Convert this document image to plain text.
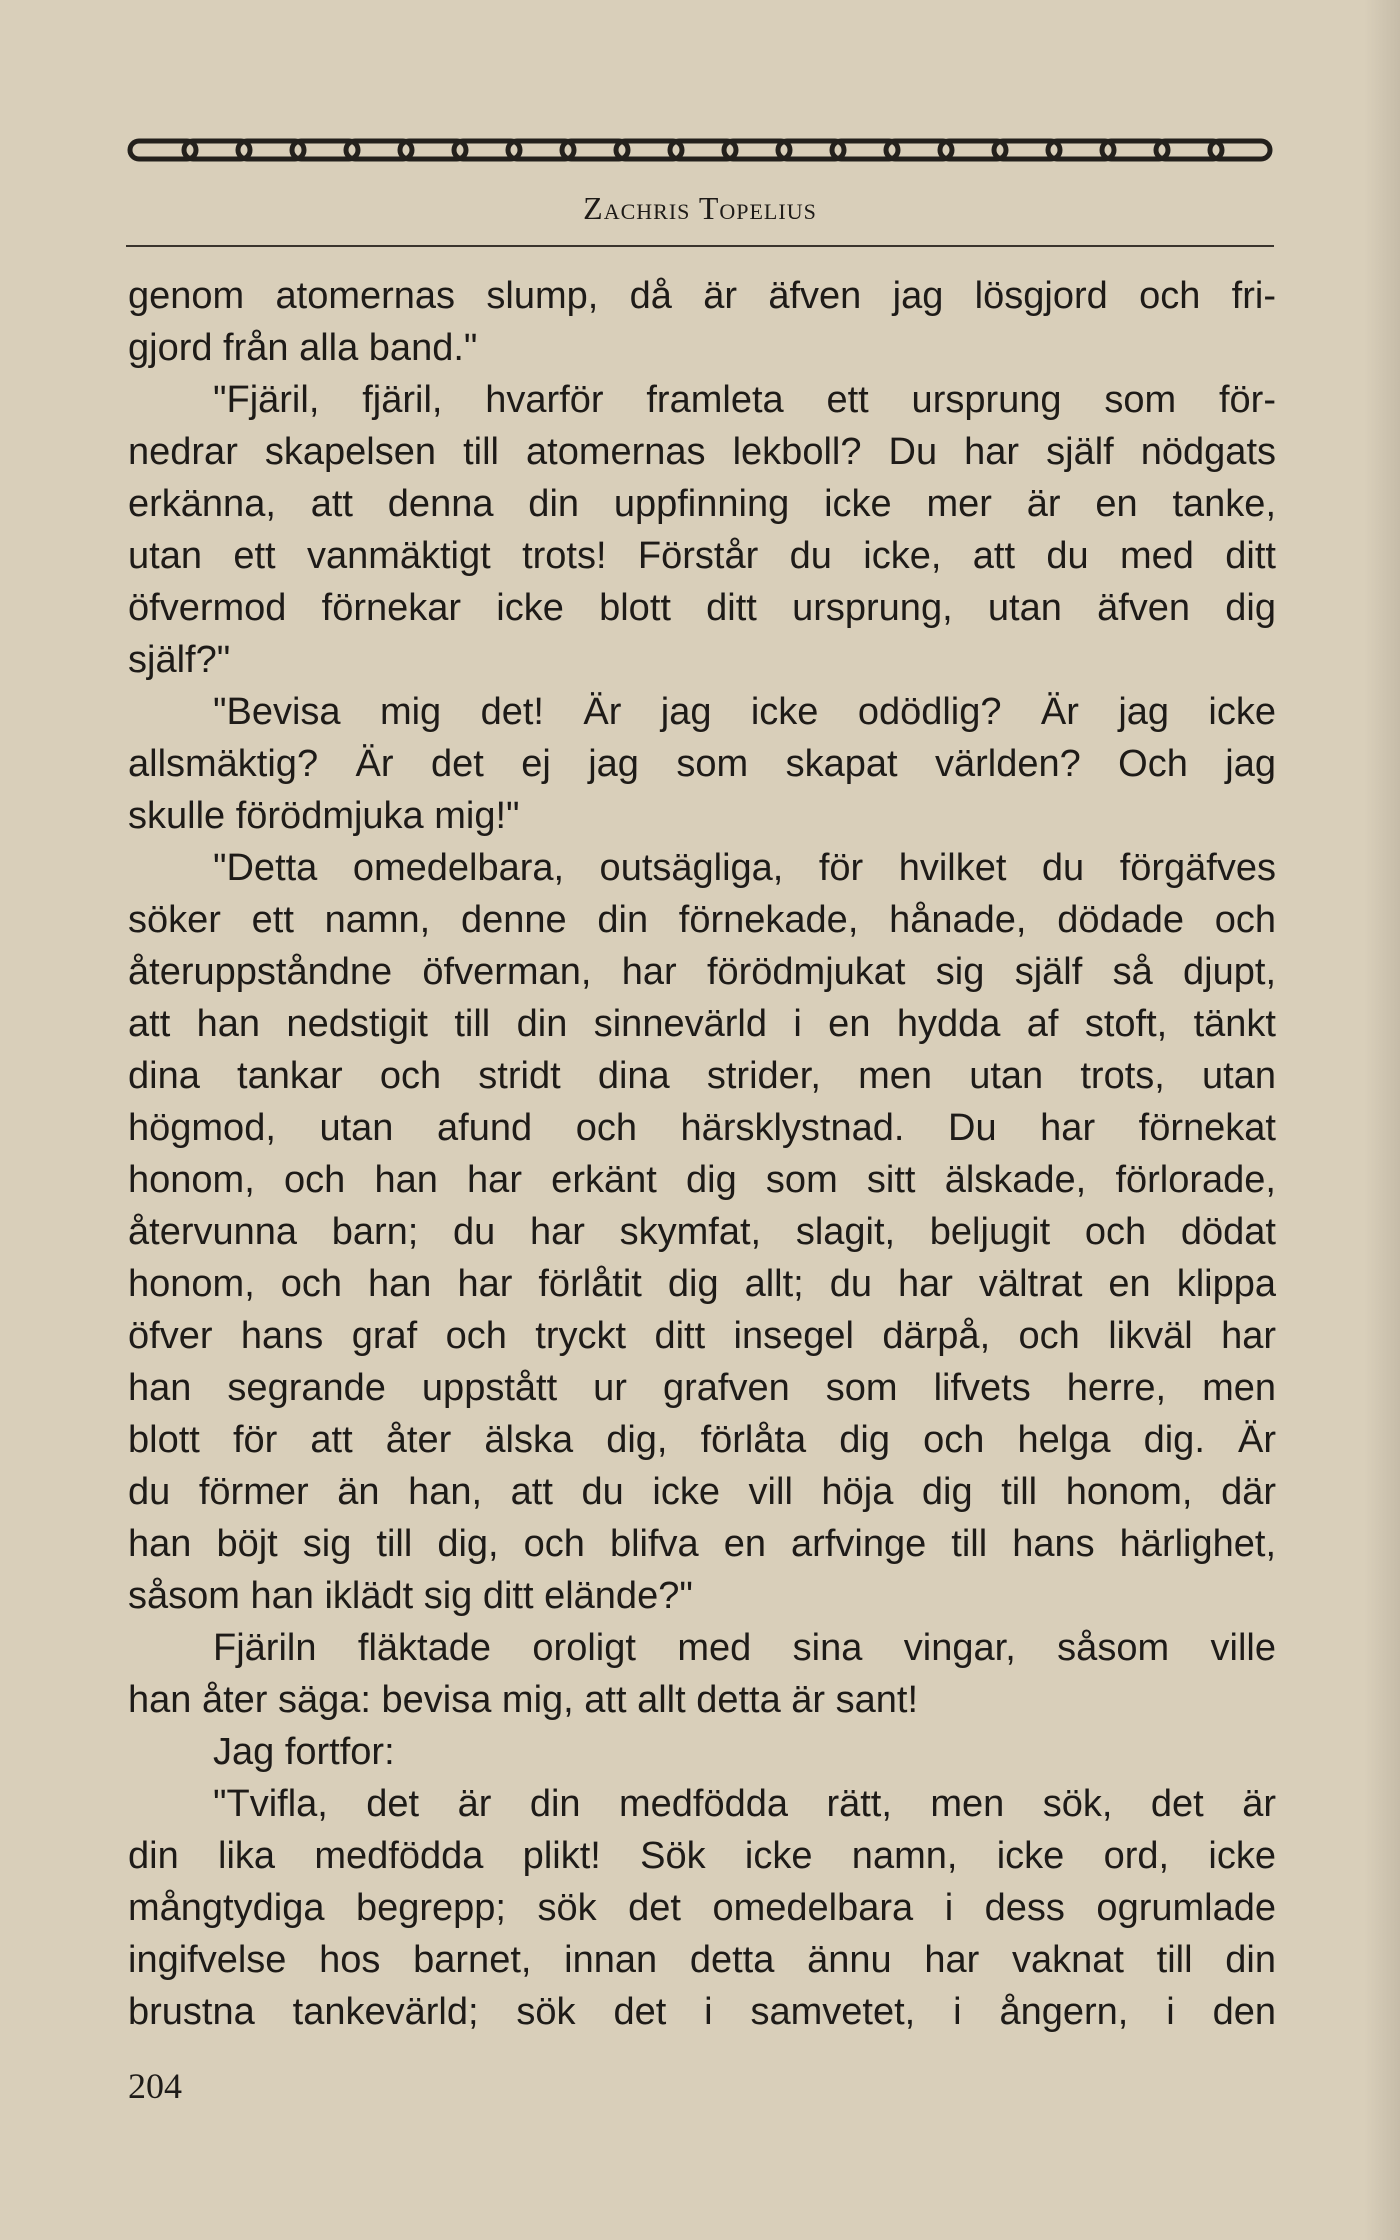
Zachris Topelius
genom atomernas slump, då är äfven jag lösgjord och fri-
gjord från alla band."
"Fjäril, fjäril, hvarför framleta ett ursprung som för-
nedrar skapelsen till atomernas lekboll? Du har själf nödgats
erkänna, att denna din uppfinning icke mer är en tanke,
utan ett vanmäktigt trots! Förstår du icke, att du med ditt
öfvermod förnekar icke blott ditt ursprung, utan äfven dig
själf?"
"Bevisa mig det! Är jag icke odödlig? Är jag icke
allsmäktig? Är det ej jag som skapat världen? Och jag
skulle förödmjuka mig!"
"Detta omedelbara, outsägliga, för hvilket du förgäfves
söker ett namn, denne din förnekade, hånade, dödade och
återuppståndne öfverman, har förödmjukat sig själf så djupt,
att han nedstigit till din sinnevärld i en hydda af stoft, tänkt
dina tankar och stridt dina strider, men utan trots, utan
högmod, utan afund och härsklystnad. Du har förnekat
honom, och han har erkänt dig som sitt älskade, förlorade,
återvunna barn; du har skymfat, slagit, beljugit och dödat
honom, och han har förlåtit dig allt; du har vältrat en klippa
öfver hans graf och tryckt ditt insegel därpå, och likväl har
han segrande uppstått ur grafven som lifvets herre, men
blott för att åter älska dig, förlåta dig och helga dig. Är
du förmer än han, att du icke vill höja dig till honom, där
han böjt sig till dig, och blifva en arfvinge till hans härlighet,
såsom han iklädt sig ditt elände?"
Fjäriln fläktade oroligt med sina vingar, såsom ville
han åter säga: bevisa mig, att allt detta är sant!
Jag fortfor:
"Tvifla, det är din medfödda rätt, men sök, det är
din lika medfödda plikt! Sök icke namn, icke ord, icke
mångtydiga begrepp; sök det omedelbara i dess ogrumlade
ingifvelse hos barnet, innan detta ännu har vaknat till din
brustna tankevärld; sök det i samvetet, i ångern, i den
204
